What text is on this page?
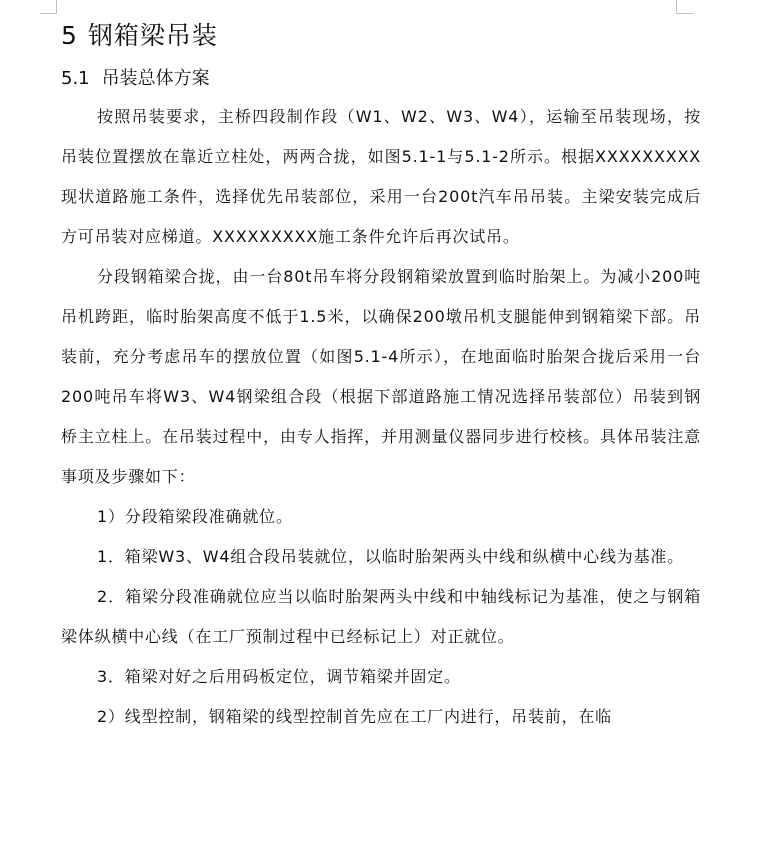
5 钢箱梁吊装
5.1 吊装总体方案

按照吊装要求，主桥四段制作段（W1、W2、W3、W4），运输至吊装现场，按吊装位置摆放在靠近立柱处，两两合拢，如图5.1-1与5.1-2所示。根据XXXXXXXXX现状道路施工条件，选择优先吊装部位，采用一台200t汽车吊吊装。主梁安装完成后方可吊装对应梯道。XXXXXXXXX施工条件允许后再次试吊。

分段钢箱梁合拢，由一台80t吊车将分段钢箱梁放置到临时胎架上。为减小200吨吊机跨距，临时胎架高度不低于1.5米，以确保200墩吊机支腿能伸到钢箱梁下部。吊装前，充分考虑吊车的摆放位置（如图5.1-4所示），在地面临时胎架合拢后采用一台200吨吊车将W3、W4钢梁组合段（根据下部道路施工情况选择吊装部位）吊装到钢桥主立柱上。在吊装过程中，由专人指挥，并用测量仪器同步进行校核。具体吊装注意事项及步骤如下：

1）分段箱梁段准确就位。

1．箱梁W3、W4组合段吊装就位，以临时胎架两头中线和纵横中心线为基准。

2．箱梁分段准确就位应当以临时胎架两头中线和中轴线标记为基准，使之与钢箱梁体纵横中心线（在工厂预制过程中已经标记上）对正就位。

3．箱梁对好之后用码板定位，调节箱梁并固定。

2）线型控制，钢箱梁的线型控制首先应在工厂内进行，吊装前，在临
